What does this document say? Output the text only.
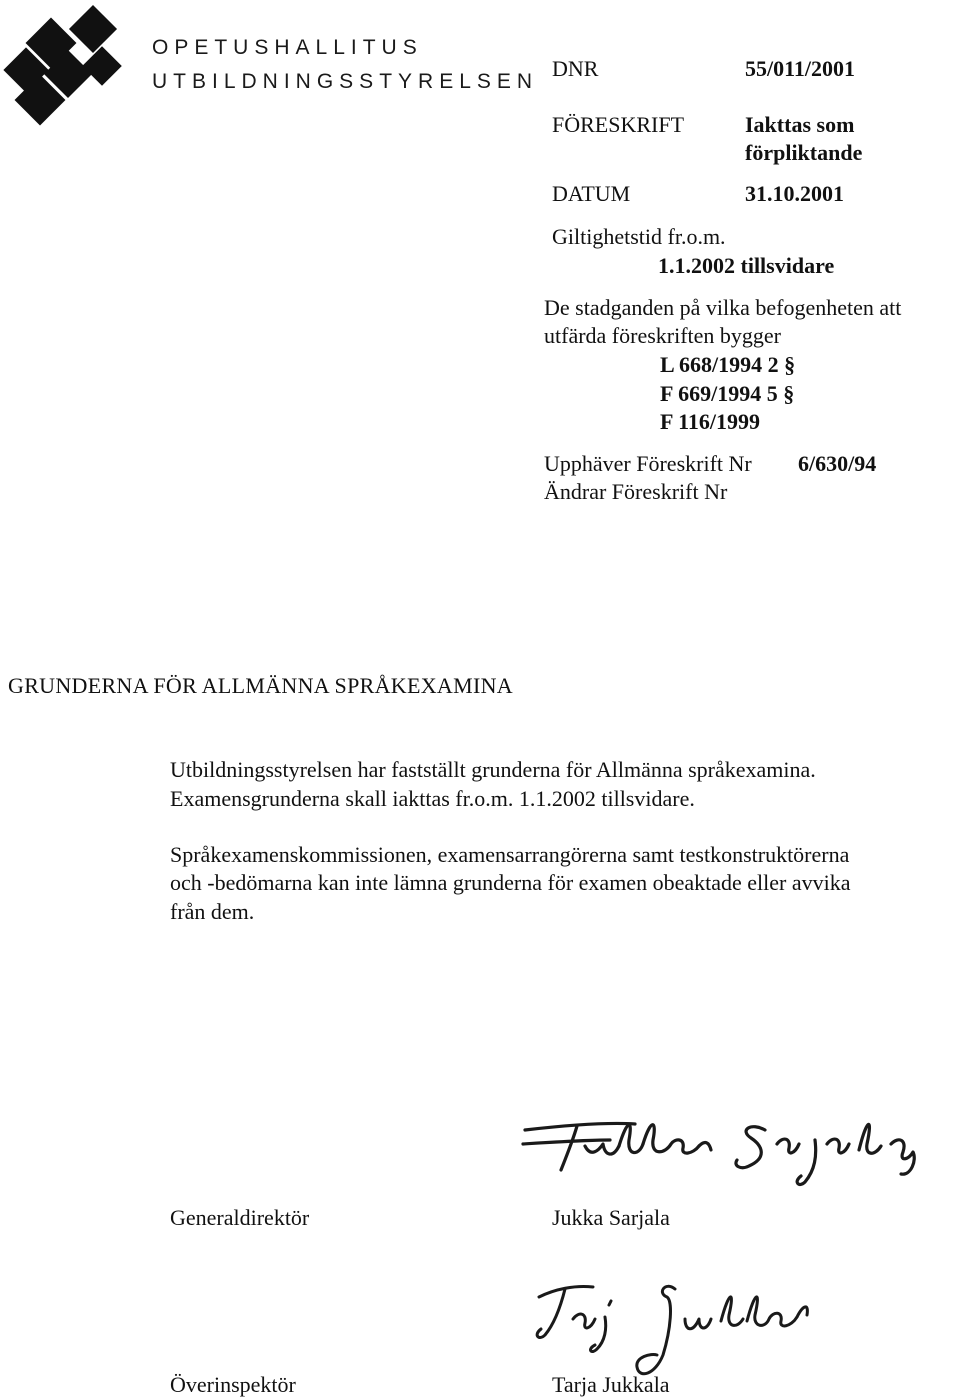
OPETUSHALLITUS
UTBILDNINGSSTYRELSEN
DNR	55/011/2001
FÖRESKRIFT	Iakttas som
förpliktande
DATUM	31.10.2001
Giltighetstid fr.o.m.
1.1.2002 tillsvidare
De stadganden på vilka befogenheten att
utfärda föreskriften bygger
L 668/1994 2 §
F 669/1994 5 §
F 116/1999
Upphäver Föreskrift Nr 6/630/94
Ändrar Föreskrift Nr
GRUNDERNA FÖR ALLMÄNNA SPRÅKEXAMINA
Utbildningsstyrelsen har fastställt grunderna för Allmänna språkexamina.
Examensgrunderna skall iakttas fr.o.m. 1.1.2002 tillsvidare.
Språkexamenskommissionen, examensarrangörerna samt testkonstruktörerna
och -bedömarna kan inte lämna grunderna för examen obeaktade eller avvika
från dem.
Generaldirektör	Jukka Sarjala
Överinspektör	Tarja Jukkala
